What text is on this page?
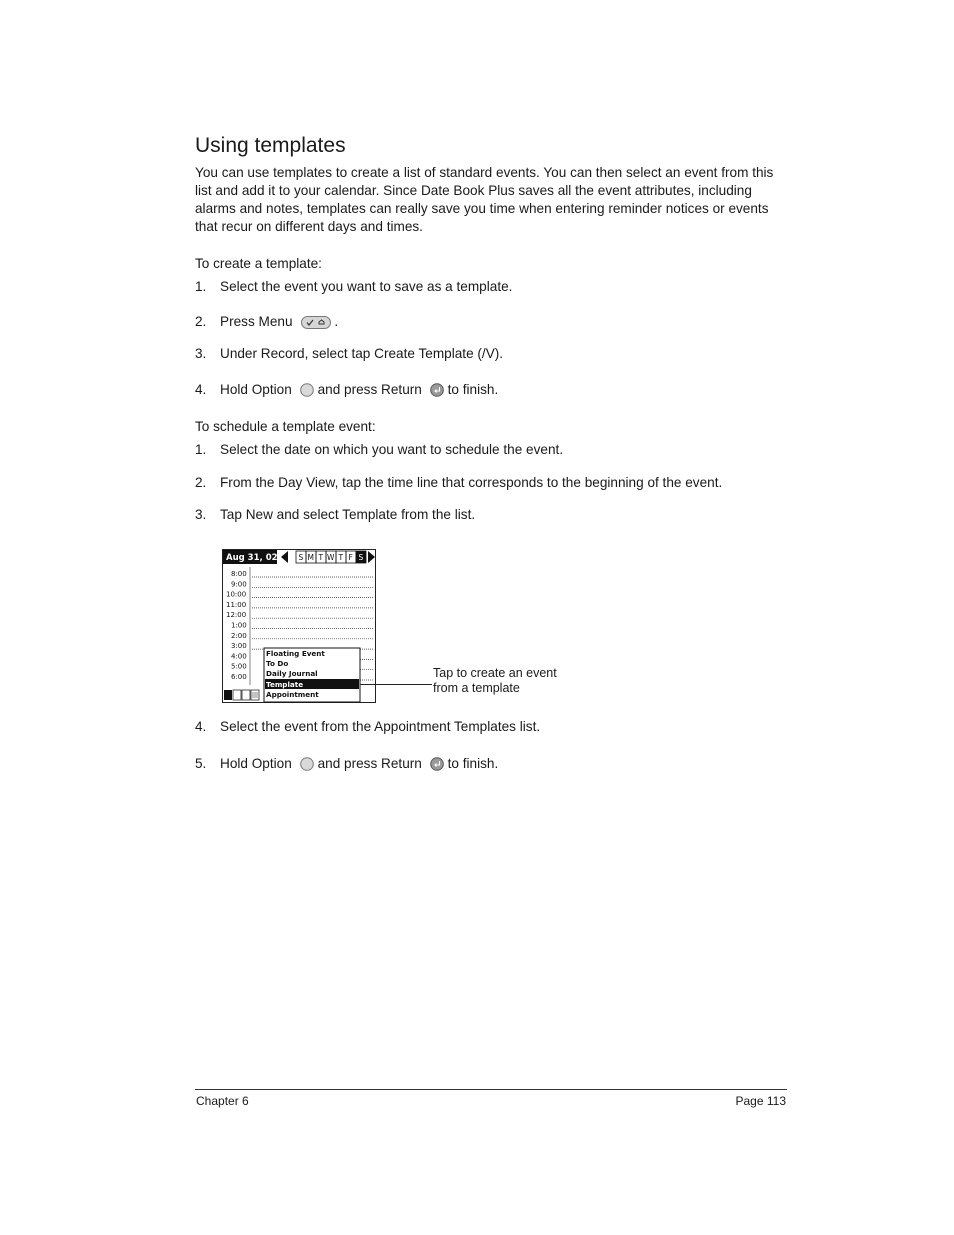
Using templates

You can use templates to create a list of standard events. You can then select an event from this list and add it to your calendar. Since Date Book Plus saves all the event attributes, including alarms and notes, templates can really save you time when entering reminder notices or events that recur on different days and times.

To create a template:

1. Select the event you want to save as a template.
2. Press Menu	.
3. Under Record, select tap Create Template (/V).
4. Hold Option and press Return to finish.

To schedule a template event:

1. Select the date on which you want to schedule the event.
2. From the Day View, tap the time line that corresponds to the beginning of the event.
3. Tap New and select Template from the list.
Aug 31, 02	S M T W T F S
8:00
9:00
10:00
11:00
12:00
1:00
2:00
3:00
4:00
5:00
6:00
Floating Event
To Do
Daily Journal
Template
Appointment
Tap to create an event
from a template
4. Select the event from the Appointment Templates list.
5. Hold Option and press Return to finish.
Chapter 6	Page 113
